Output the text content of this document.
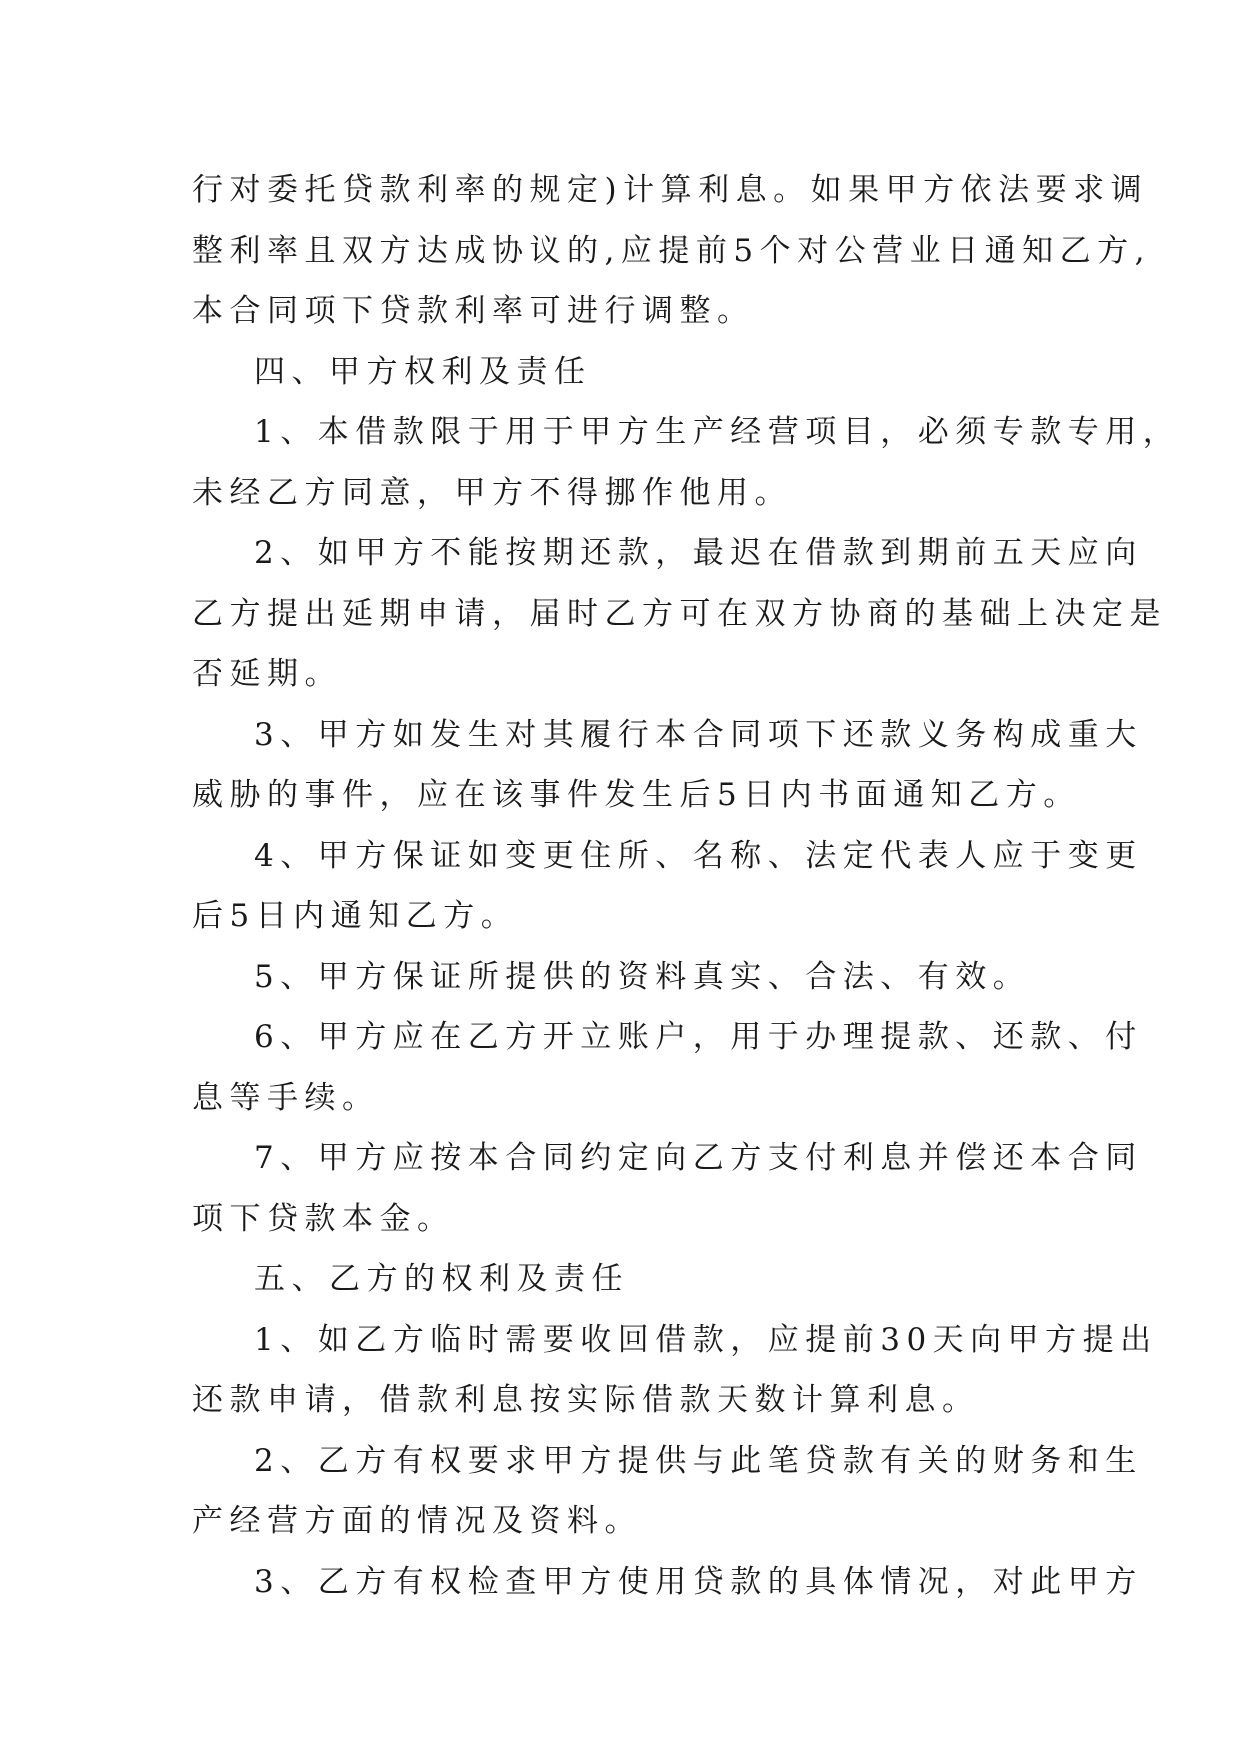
行对委托贷款利率的规定)计算利息。如果甲方依法要求调
整利率且双方达成协议的,应提前5个对公营业日通知乙方,
本合同项下贷款利率可进行调整。

四、甲方权利及责任

1、本借款限于用于甲方生产经营项目，必须专款专用，
未经乙方同意，甲方不得挪作他用。

2、如甲方不能按期还款，最迟在借款到期前五天应向
乙方提出延期申请，届时乙方可在双方协商的基础上决定是
否延期。

3、甲方如发生对其履行本合同项下还款义务构成重大
威胁的事件，应在该事件发生后5日内书面通知乙方。

4、甲方保证如变更住所、名称、法定代表人应于变更
后5日内通知乙方。

5、甲方保证所提供的资料真实、合法、有效。

6、甲方应在乙方开立账户，用于办理提款、还款、付
息等手续。

7、甲方应按本合同约定向乙方支付利息并偿还本合同
项下贷款本金。

五、乙方的权利及责任

1、如乙方临时需要收回借款，应提前30天向甲方提出
还款申请，借款利息按实际借款天数计算利息。

2、乙方有权要求甲方提供与此笔贷款有关的财务和生
产经营方面的情况及资料。

3、乙方有权检查甲方使用贷款的具体情况，对此甲方
